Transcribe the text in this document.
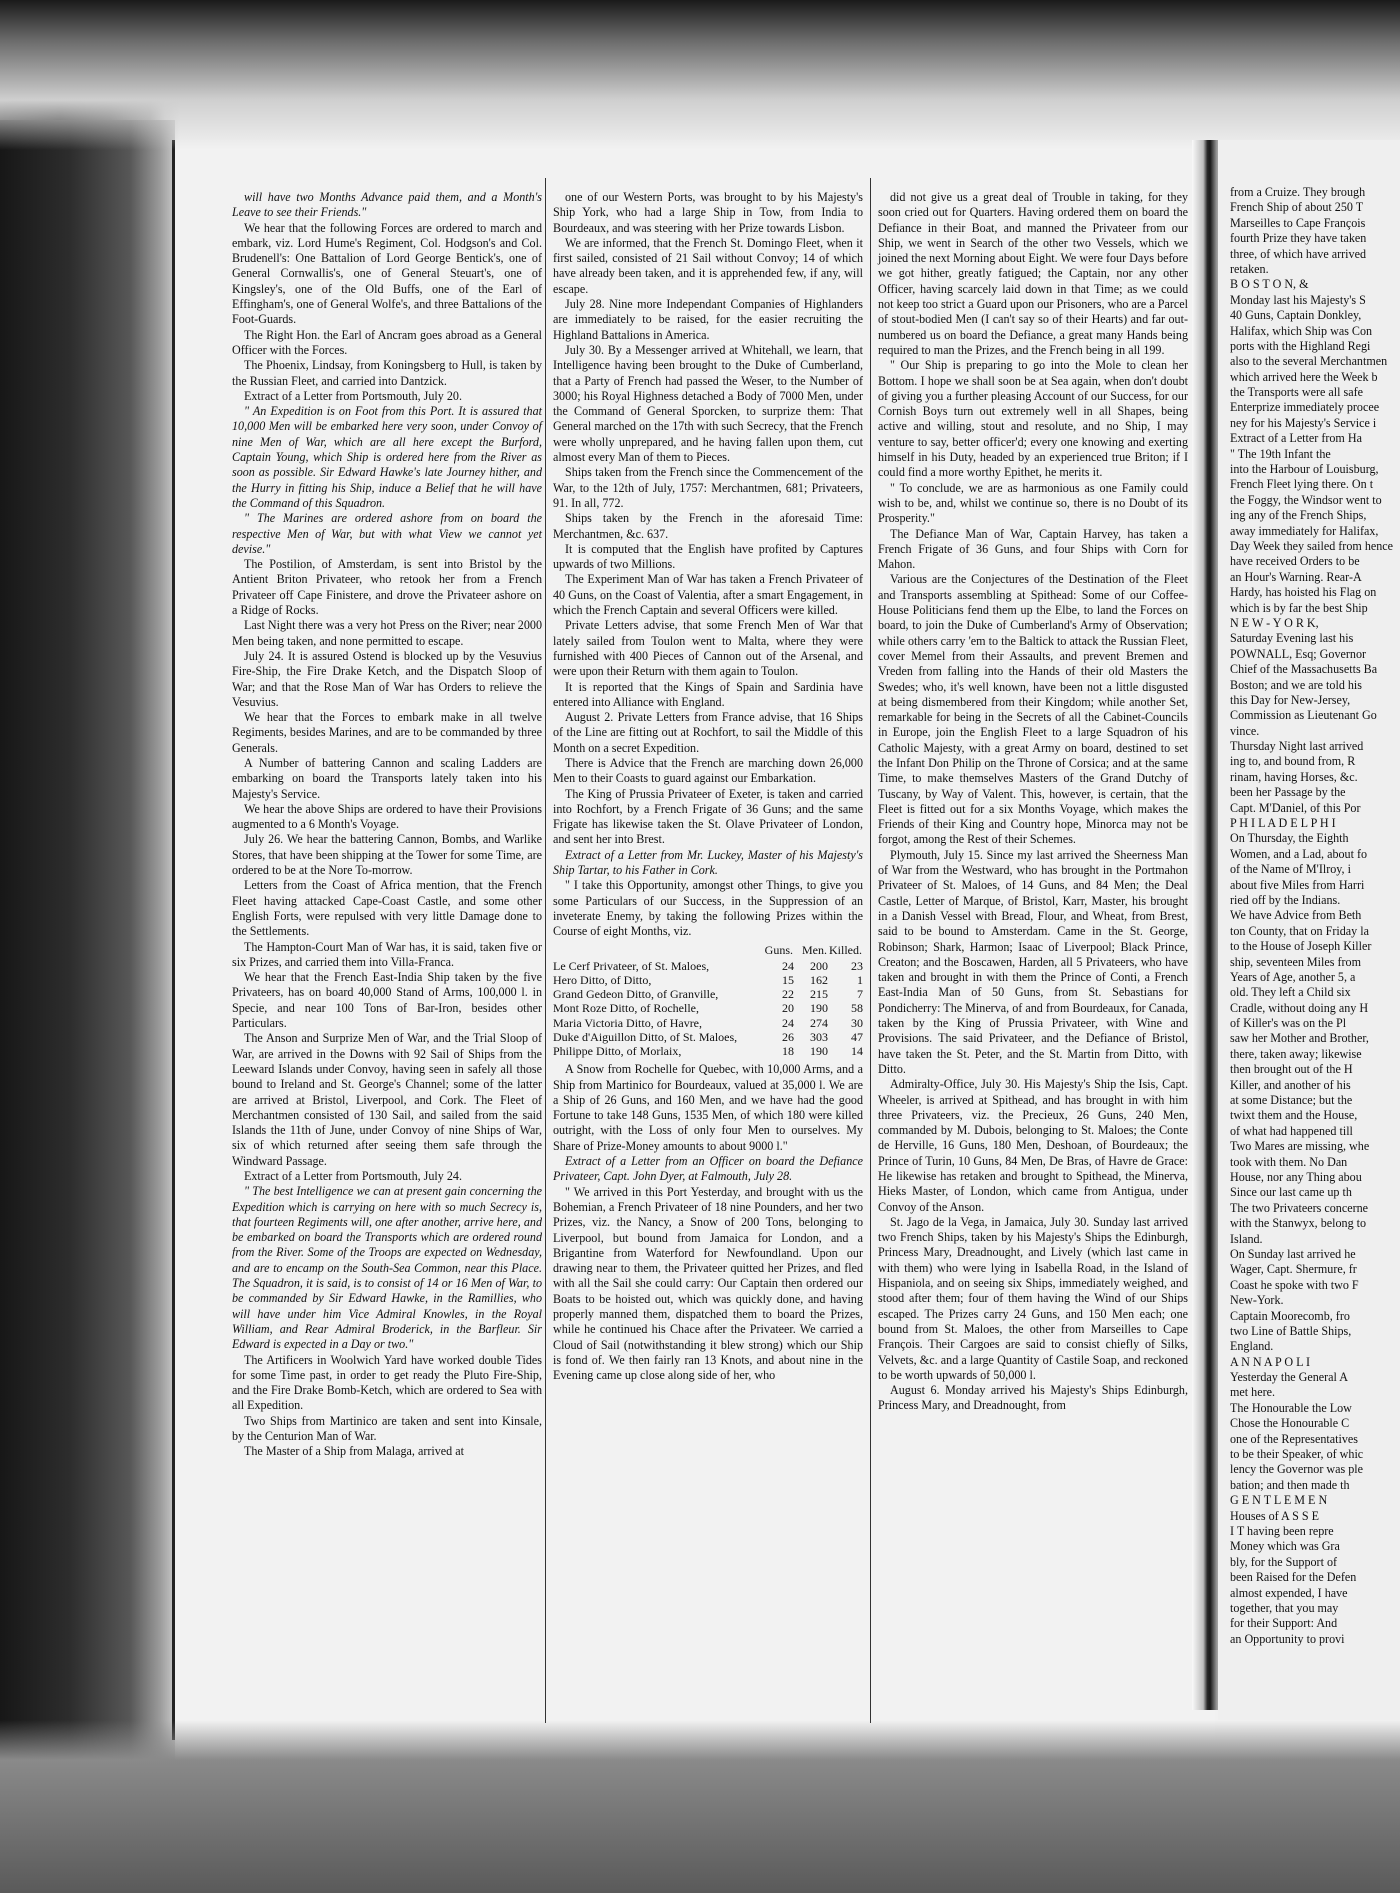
will have two Months Advance paid them, and a Month's Leave to see their Friends."

We hear that the following Forces are ordered to march and embark, viz. Lord Hume's Regiment, Col. Hodgson's and Col. Brudenell's: One Battalion of Lord George Bentick's, one of General Cornwallis's, one of General Steuart's, one of Kingsley's, one of the Old Buffs, one of the Earl of Effingham's, one of General Wolfe's, and three Battalions of the Foot-Guards.

The Right Hon. the Earl of Ancram goes abroad as a General Officer with the Forces.

The Phoenix, Lindsay, from Koningsberg to Hull, is taken by the Russian Fleet, and carried into Dantzick.

Extract of a Letter from Portsmouth, July 20.

" An Expedition is on Foot from this Port. It is assured that 10,000 Men will be embarked here very soon, under Convoy of nine Men of War, which are all here except the Burford, Captain Young, which Ship is ordered here from the River as soon as possible. Sir Edward Hawke's late Journey hither, and the Hurry in fitting his Ship, induce a Belief that he will have the Command of this Squadron.

" The Marines are ordered ashore from on board the respective Men of War, but with what View we cannot yet devise."

The Postilion, of Amsterdam, is sent into Bristol by the Antient Briton Privateer, who retook her from a French Privateer off Cape Finistere, and drove the Privateer ashore on a Ridge of Rocks.

Last Night there was a very hot Press on the River; near 2000 Men being taken, and none permitted to escape.

July 24. It is assured Ostend is blocked up by the Vesuvius Fire-Ship, the Fire Drake Ketch, and the Dispatch Sloop of War; and that the Rose Man of War has Orders to relieve the Vesuvius.

We hear that the Forces to embark make in all twelve Regiments, besides Marines, and are to be commanded by three Generals.

A Number of battering Cannon and scaling Ladders are embarking on board the Transports lately taken into his Majesty's Service.

We hear the above Ships are ordered to have their Provisions augmented to a 6 Month's Voyage.

July 26. We hear the battering Cannon, Bombs, and Warlike Stores, that have been shipping at the Tower for some Time, are ordered to be at the Nore To-morrow.

Letters from the Coast of Africa mention, that the French Fleet having attacked Cape-Coast Castle, and some other English Forts, were repulsed with very little Damage done to the Settlements.

The Hampton-Court Man of War has, it is said, taken five or six Prizes, and carried them into Villa-Franca.

We hear that the French East-India Ship taken by the five Privateers, has on board 40,000 Stand of Arms, 100,000 l. in Specie, and near 100 Tons of Bar-Iron, besides other Particulars.

The Anson and Surprize Men of War, and the Trial Sloop of War, are arrived in the Downs with 92 Sail of Ships from the Leeward Islands under Convoy, having seen in safely all those bound to Ireland and St. George's Channel; some of the latter are arrived at Bristol, Liverpool, and Cork. The Fleet of Merchantmen consisted of 130 Sail, and sailed from the said Islands the 11th of June, under Convoy of nine Ships of War, six of which returned after seeing them safe through the Windward Passage.

Extract of a Letter from Portsmouth, July 24.

" The best Intelligence we can at present gain concerning the Expedition which is carrying on here with so much Secrecy is, that fourteen Regiments will, one after another, arrive here, and be embarked on board the Transports which are ordered round from the River. Some of the Troops are expected on Wednesday, and are to encamp on the South-Sea Common, near this Place. The Squadron, it is said, is to consist of 14 or 16 Men of War, to be commanded by Sir Edward Hawke, in the Ramillies, who will have under him Vice Admiral Knowles, in the Royal William, and Rear Admiral Broderick, in the Barfleur. Sir Edward is expected in a Day or two."

The Artificers in Woolwich Yard have worked double Tides for some Time past, in order to get ready the Pluto Fire-Ship, and the Fire Drake Bomb-Ketch, which are ordered to Sea with all Expedition.

Two Ships from Martinico are taken and sent into Kinsale, by the Centurion Man of War.

The Master of a Ship from Malaga, arrived at

one of our Western Ports, was brought to by his Majesty's Ship York, who had a large Ship in Tow, from India to Bourdeaux, and was steering with her Prize towards Lisbon.

We are informed, that the French St. Domingo Fleet, when it first sailed, consisted of 21 Sail without Convoy; 14 of which have already been taken, and it is apprehended few, if any, will escape.

July 28. Nine more Independant Companies of Highlanders are immediately to be raised, for the easier recruiting the Highland Battalions in America.

July 30. By a Messenger arrived at Whitehall, we learn, that Intelligence having been brought to the Duke of Cumberland, that a Party of French had passed the Weser, to the Number of 3000; his Royal Highness detached a Body of 7000 Men, under the Command of General Sporcken, to surprize them: That General marched on the 17th with such Secrecy, that the French were wholly unprepared, and he having fallen upon them, cut almost every Man of them to Pieces.

Ships taken from the French since the Commencement of the War, to the 12th of July, 1757: Merchantmen, 681; Privateers, 91. In all, 772.

Ships taken by the French in the aforesaid Time: Merchantmen, &c. 637.

It is computed that the English have profited by Captures upwards of two Millions.

The Experiment Man of War has taken a French Privateer of 40 Guns, on the Coast of Valentia, after a smart Engagement, in which the French Captain and several Officers were killed.

Private Letters advise, that some French Men of War that lately sailed from Toulon went to Malta, where they were furnished with 400 Pieces of Cannon out of the Arsenal, and were upon their Return with them again to Toulon.

It is reported that the Kings of Spain and Sardinia have entered into Alliance with England.

August 2. Private Letters from France advise, that 16 Ships of the Line are fitting out at Rochfort, to sail the Middle of this Month on a secret Expedition.

There is Advice that the French are marching down 26,000 Men to their Coasts to guard against our Embarkation.

The King of Prussia Privateer of Exeter, is taken and carried into Rochfort, by a French Frigate of 36 Guns; and the same Frigate has likewise taken the St. Olave Privateer of London, and sent her into Brest.

Extract of a Letter from Mr. Luckey, Master of his Majesty's Ship Tartar, to his Father in Cork.

" I take this Opportunity, amongst other Things, to give you some Particulars of our Success, in the Suppression of an inveterate Enemy, by taking the following Prizes within the Course of eight Months, viz.

	Guns.	Men.	Killed.
Le Cerf Privateer, of St. Maloes,	24	200	23
Hero Ditto, of Ditto,	15	162	1
Grand Gedeon Ditto, of Granville,	22	215	7
Mont Roze Ditto, of Rochelle,	20	190	58
Maria Victoria Ditto, of Havre,	24	274	30
Duke d'Aiguillon Ditto, of St. Maloes,	26	303	47
Philippe Ditto, of Morlaix,	18	190	14

A Snow from Rochelle for Quebec, with 10,000 Arms, and a Ship from Martinico for Bourdeaux, valued at 35,000 l. We are a Ship of 26 Guns, and 160 Men, and we have had the good Fortune to take 148 Guns, 1535 Men, of which 180 were killed outright, with the Loss of only four Men to ourselves. My Share of Prize-Money amounts to about 9000 l."

Extract of a Letter from an Officer on board the Defiance Privateer, Capt. John Dyer, at Falmouth, July 28.

" We arrived in this Port Yesterday, and brought with us the Bohemian, a French Privateer of 18 nine Pounders, and her two Prizes, viz. the Nancy, a Snow of 200 Tons, belonging to Liverpool, but bound from Jamaica for London, and a Brigantine from Waterford for Newfoundland. Upon our drawing near to them, the Privateer quitted her Prizes, and fled with all the Sail she could carry: Our Captain then ordered our Boats to be hoisted out, which was quickly done, and having properly manned them, dispatched them to board the Prizes, while he continued his Chace after the Privateer. We carried a Cloud of Sail (notwithstanding it blew strong) which our Ship is fond of. We then fairly ran 13 Knots, and about nine in the Evening came up close along side of her, who

did not give us a great deal of Trouble in taking, for they soon cried out for Quarters. Having ordered them on board the Defiance in their Boat, and manned the Privateer from our Ship, we went in Search of the other two Vessels, which we joined the next Morning about Eight. We were four Days before we got hither, greatly fatigued; the Captain, nor any other Officer, having scarcely laid down in that Time; as we could not keep too strict a Guard upon our Prisoners, who are a Parcel of stout-bodied Men (I can't say so of their Hearts) and far out-numbered us on board the Defiance, a great many Hands being required to man the Prizes, and the French being in all 199.

" Our Ship is preparing to go into the Mole to clean her Bottom. I hope we shall soon be at Sea again, when don't doubt of giving you a further pleasing Account of our Success, for our Cornish Boys turn out extremely well in all Shapes, being active and willing, stout and resolute, and no Ship, I may venture to say, better officer'd; every one knowing and exerting himself in his Duty, headed by an experienced true Briton; if I could find a more worthy Epithet, he merits it.

" To conclude, we are as harmonious as one Family could wish to be, and, whilst we continue so, there is no Doubt of its Prosperity."

The Defiance Man of War, Captain Harvey, has taken a French Frigate of 36 Guns, and four Ships with Corn for Mahon.

Various are the Conjectures of the Destination of the Fleet and Transports assembling at Spithead: Some of our Coffee-House Politicians fend them up the Elbe, to land the Forces on board, to join the Duke of Cumberland's Army of Observation; while others carry 'em to the Baltick to attack the Russian Fleet, cover Memel from their Assaults, and prevent Bremen and Vreden from falling into the Hands of their old Masters the Swedes; who, it's well known, have been not a little disgusted at being dismembered from their Kingdom; while another Set, remarkable for being in the Secrets of all the Cabinet-Councils in Europe, join the English Fleet to a large Squadron of his Catholic Majesty, with a great Army on board, destined to set the Infant Don Philip on the Throne of Corsica; and at the same Time, to make themselves Masters of the Grand Dutchy of Tuscany, by Way of Valent. This, however, is certain, that the Fleet is fitted out for a six Months Voyage, which makes the Friends of their King and Country hope, Minorca may not be forgot, among the Rest of their Schemes.

Plymouth, July 15. Since my last arrived the Sheerness Man of War from the Westward, who has brought in the Portmahon Privateer of St. Maloes, of 14 Guns, and 84 Men; the Deal Castle, Letter of Marque, of Bristol, Karr, Master, his brought in a Danish Vessel with Bread, Flour, and Wheat, from Brest, said to be bound to Amsterdam. Came in the St. George, Robinson; Shark, Harmon; Isaac of Liverpool; Black Prince, Creaton; and the Boscawen, Harden, all 5 Privateers, who have taken and brought in with them the Prince of Conti, a French East-India Man of 50 Guns, from St. Sebastians for Pondicherry: The Minerva, of and from Bourdeaux, for Canada, taken by the King of Prussia Privateer, with Wine and Provisions. The said Privateer, and the Defiance of Bristol, have taken the St. Peter, and the St. Martin from Ditto, with Ditto.

Admiralty-Office, July 30. His Majesty's Ship the Isis, Capt. Wheeler, is arrived at Spithead, and has brought in with him three Privateers, viz. the Precieux, 26 Guns, 240 Men, commanded by M. Dubois, belonging to St. Maloes; the Conte de Herville, 16 Guns, 180 Men, Deshoan, of Bourdeaux; the Prince of Turin, 10 Guns, 84 Men, De Bras, of Havre de Grace: He likewise has retaken and brought to Spithead, the Minerva, Hieks Master, of London, which came from Antigua, under Convoy of the Anson.

St. Jago de la Vega, in Jamaica, July 30. Sunday last arrived two French Ships, taken by his Majesty's Ships the Edinburgh, Princess Mary, Dreadnought, and Lively (which last came in with them) who were lying in Isabella Road, in the Island of Hispaniola, and on seeing six Ships, immediately weighed, and stood after them; four of them having the Wind of our Ships escaped. The Prizes carry 24 Guns, and 150 Men each; one bound from St. Maloes, the other from Marseilles to Cape François. Their Cargoes are said to consist chiefly of Silks, Velvets, &c. and a large Quantity of Castile Soap, and reckoned to be worth upwards of 50,000 l.

August 6. Monday arrived his Majesty's Ships Edinburgh, Princess Mary, and Dreadnought, from

from a Cruize. They brough
French Ship of about 250 T
Marseilles to Cape François
fourth Prize they have taken
three, of which have arrived
retaken.
B O S T O N, &
Monday last his Majesty's S
40 Guns, Captain Donkley,
Halifax, which Ship was Con
ports with the Highland Regi
also to the several Merchantmen
which arrived here the Week b
the Transports were all safe
Enterprize immediately procee
ney for his Majesty's Service i
Extract of a Letter from Ha
" The 19th Infant the
into the Harbour of Louisburg,
French Fleet lying there. On t
the Foggy, the Windsor went to
ing any of the French Ships,
away immediately for Halifax,
Day Week they sailed from hence
have received Orders to be
an Hour's Warning. Rear-A
Hardy, has hoisted his Flag on
which is by far the best Ship
N E W - Y O R K,
Saturday Evening last his
POWNALL, Esq; Governor
Chief of the Massachusetts Ba
Boston; and we are told his
this Day for New-Jersey,
Commission as Lieutenant Go
vince.
Thursday Night last arrived
ing to, and bound from, R
rinam, having Horses, &c.
been her Passage by the
Capt. M'Daniel, of this Por
P H I L A D E L P H I
On Thursday, the Eighth
Women, and a Lad, about fo
of the Name of M'Ilroy, i
about five Miles from Harri
ried off by the Indians.
We have Advice from Beth
ton County, that on Friday la
to the House of Joseph Killer
ship, seventeen Miles from
Years of Age, another 5, a
old. They left a Child six
Cradle, without doing any H
of Killer's was on the Pl
saw her Mother and Brother,
there, taken away; likewise
then brought out of the H
Killer, and another of his
at some Distance; but the
twixt them and the House,
of what had happened till
Two Mares are missing, whe
took with them. No Dan
House, nor any Thing abou
Since our last came up th
The two Privateers concerne
with the Stanwyx, belong to
Island.
On Sunday last arrived he
Wager, Capt. Shermure, fr
Coast he spoke with two F
New-York.
Captain Moorecomb, fro
two Line of Battle Ships,
England.
A N N A P O L I
Yesterday the General A
met here.
The Honourable the Low
Chose the Honourable C
one of the Representatives
to be their Speaker, of whic
lency the Governor was ple
bation; and then made th
G E N T L E M E N
Houses of A S S E
I T having been repre
Money which was Gra
bly, for the Support of
been Raised for the Defen
almost expended, I have
together, that you may
for their Support: And
an Opportunity to provi
